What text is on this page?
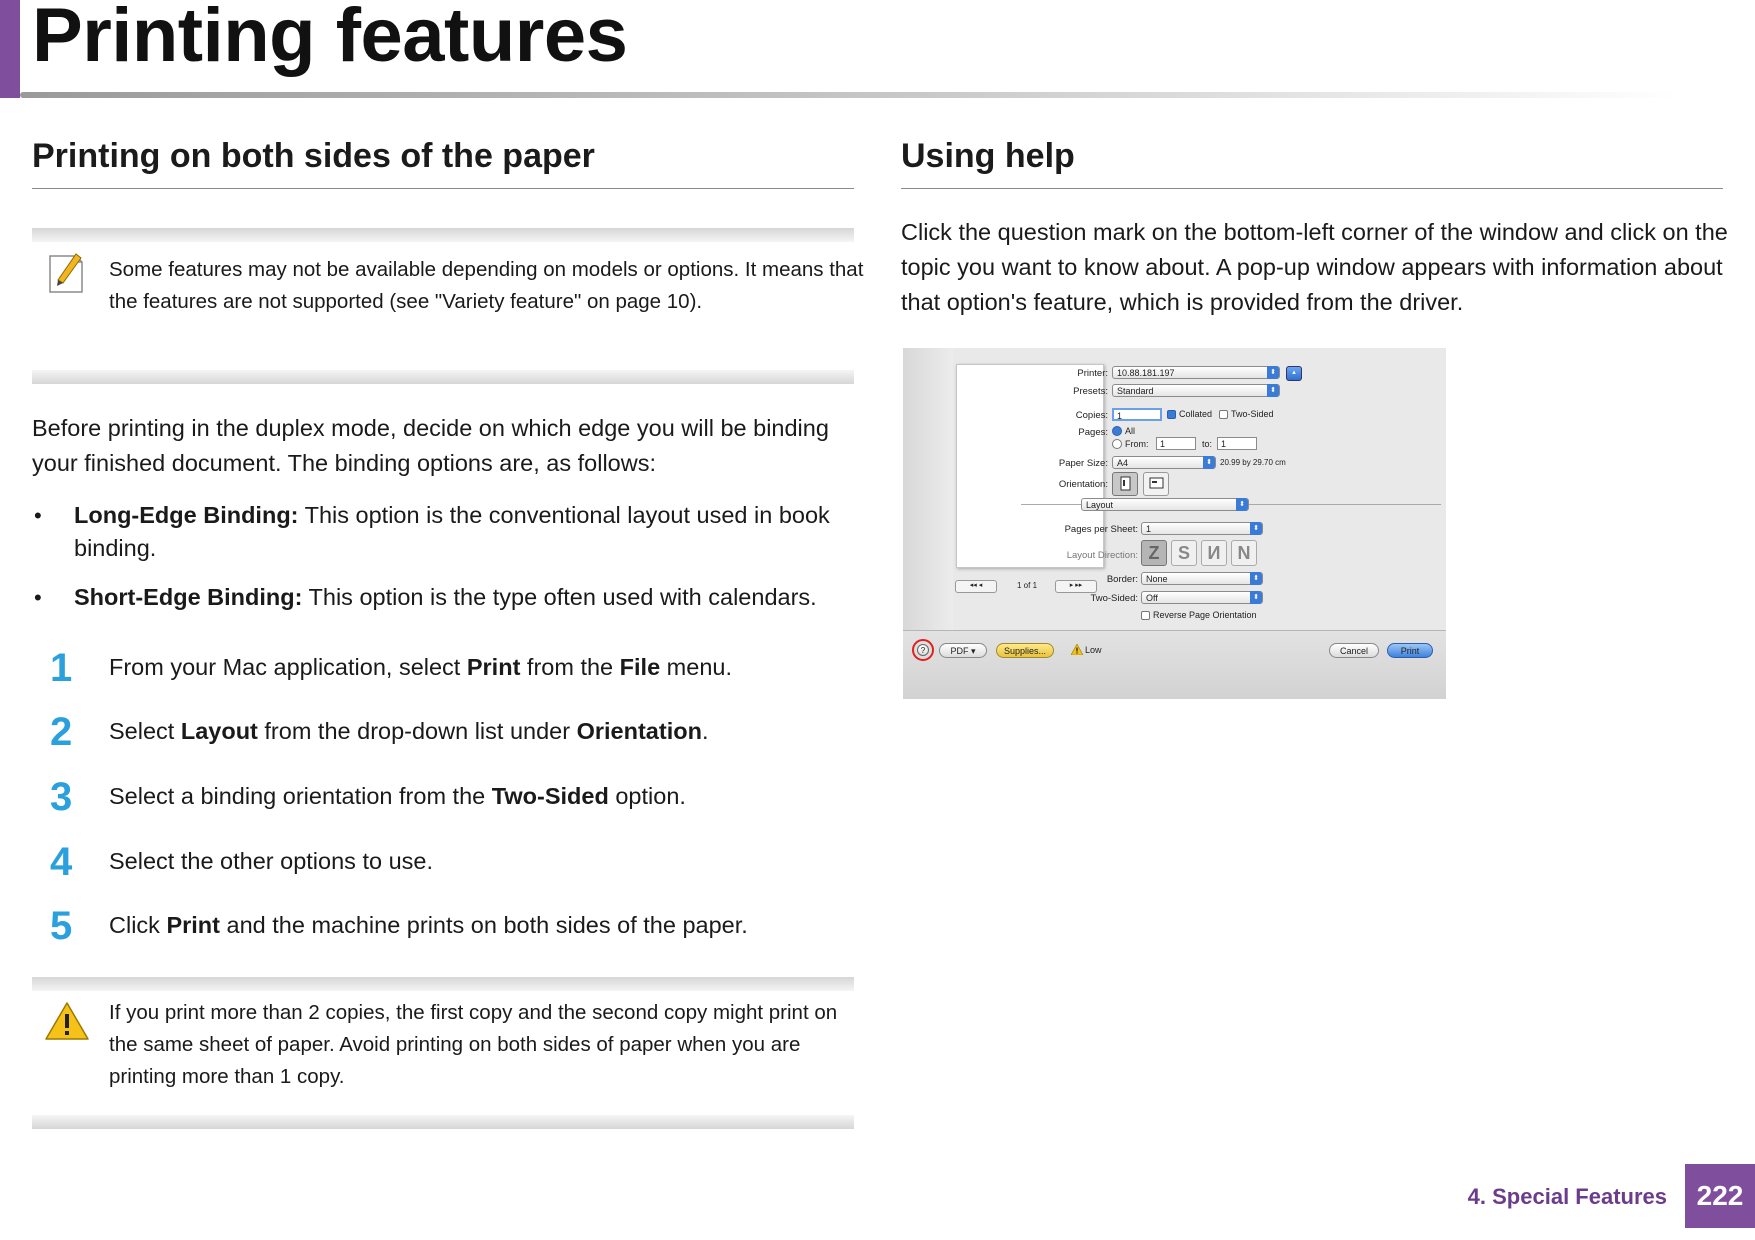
Printing features
Printing on both sides of the paper
Some features may not be available depending on models or options. It means that the features are not supported (see "Variety feature" on page 10).
Before printing in the duplex mode, decide on which edge you will be binding your finished document. The binding options are, as follows:
• Long-Edge Binding: This option is the conventional layout used in book binding.
• Short-Edge Binding: This option is the type often used with calendars.
1 From your Mac application, select Print from the File menu.
2 Select Layout from the drop-down list under Orientation.
3 Select a binding orientation from the Two-Sided option.
4 Select the other options to use.
5 Click Print and the machine prints on both sides of the paper.
If you print more than 2 copies, the first copy and the second copy might print on the same sheet of paper. Avoid printing on both sides of paper when you are printing more than 1 copy.
Using help
Click the question mark on the bottom-left corner of the window and click on the topic you want to know about. A pop-up window appears with information about that option's feature, which is provided from the driver.
◂◂ ◂	1 of 1	▸ ▸▸
Printer:	10.88.181.197	⬍	▴
Presets:	Standard	⬍
Copies:	1	Collated Two-Sided
Pages: All
From:	1	to: 1
Paper Size:	A4	⬍	20.99 by 29.70 cm
Orientation:
Layout	⬍
Pages per Sheet: 1	⬍
Layout Direction: Z	S И N
Border: None	⬍
Two-Sided: Off	⬍
Reverse Page Orientation
?	PDF ▾	Supplies...	Low	Cancel	Print
4. Special Features	222
